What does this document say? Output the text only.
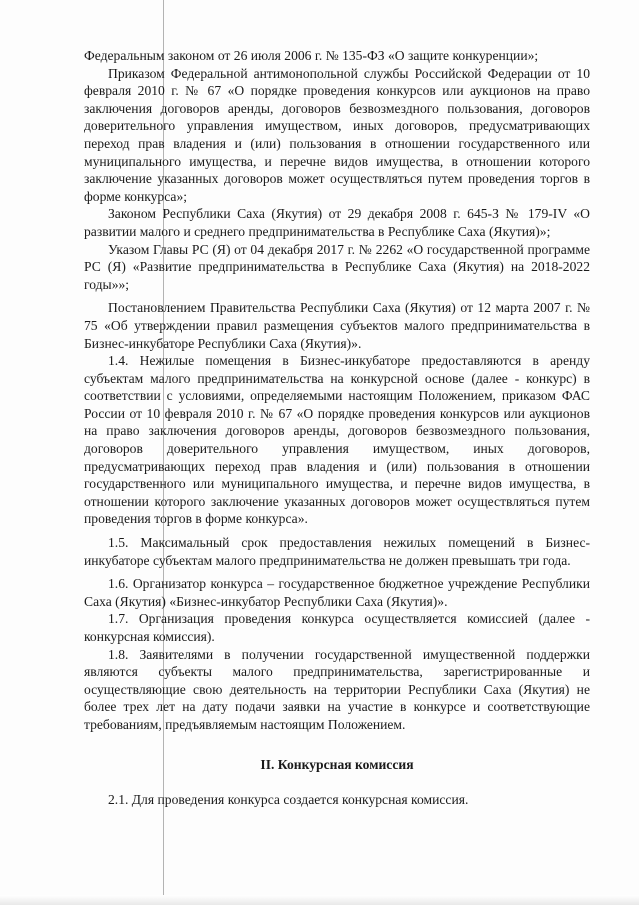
Федеральным законом от 26 июля 2006 г. № 135-ФЗ «О защите конкуренции»;

Приказом Федеральной антимонопольной службы Российской Федерации от 10 февраля 2010 г. № 67 «О порядке проведения конкурсов или аукционов на право заключения договоров аренды, договоров безвозмездного пользования, договоров доверительного управления имуществом, иных договоров, предусматривающих переход прав владения и (или) пользования в отношении государственного или муниципального имущества, и перечне видов имущества, в отношении которого заключение указанных договоров может осуществляться путем проведения торгов в форме конкурса»;

Законом Республики Саха (Якутия) от 29 декабря 2008 г. 645-З № 179-IV «О развитии малого и среднего предпринимательства в Республике Саха (Якутия)»;

Указом Главы РС (Я) от 04 декабря 2017 г. № 2262 «О государственной программе РС (Я) «Развитие предпринимательства в Республике Саха (Якутия) на 2018-2022 годы»»;

Постановлением Правительства Республики Саха (Якутия) от 12 марта 2007 г. № 75 «Об утверждении правил размещения субъектов малого предпринимательства в Бизнес-инкубаторе Республики Саха (Якутия)».

1.4. Нежилые помещения в Бизнес-инкубаторе предоставляются в аренду субъектам малого предпринимательства на конкурсной основе (далее - конкурс) в соответствии с условиями, определяемыми настоящим Положением, приказом ФАС России от 10 февраля 2010 г. № 67 «О порядке проведения конкурсов или аукционов на право заключения договоров аренды, договоров безвозмездного пользования, договоров доверительного управления имуществом, иных договоров, предусматривающих переход прав владения и (или) пользования в отношении государственного или муниципального имущества, и перечне видов имущества, в отношении которого заключение указанных договоров может осуществляться путем проведения торгов в форме конкурса».

1.5. Максимальный срок предоставления нежилых помещений в Бизнес-инкубаторе субъектам малого предпринимательства не должен превышать три года.

1.6. Организатор конкурса – государственное бюджетное учреждение Республики Саха (Якутия) «Бизнес-инкубатор Республики Саха (Якутия)».

1.7. Организация проведения конкурса осуществляется комиссией (далее - конкурсная комиссия).

1.8. Заявителями в получении государственной имущественной поддержки являются субъекты малого предпринимательства, зарегистрированные и осуществляющие свою деятельность на территории Республики Саха (Якутия) не более трех лет на дату подачи заявки на участие в конкурсе и соответствующие требованиям, предъявляемым настоящим Положением.

II. Конкурсная комиссия

2.1. Для проведения конкурса создается конкурсная комиссия.
